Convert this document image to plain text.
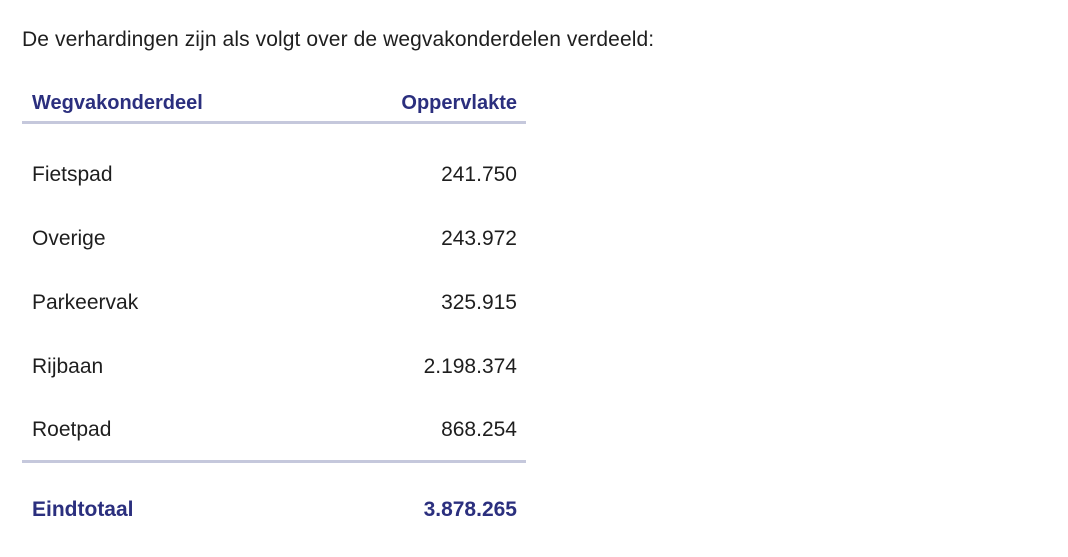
De verhardingen zijn als volgt over de wegvakonderdelen verdeeld:

Wegvakonderdeel	Oppervlakte
Fietspad	241.750
Overige	243.972
Parkeervak	325.915
Rijbaan	2.198.374
Roetpad	868.254
Eindtotaal	3.878.265
